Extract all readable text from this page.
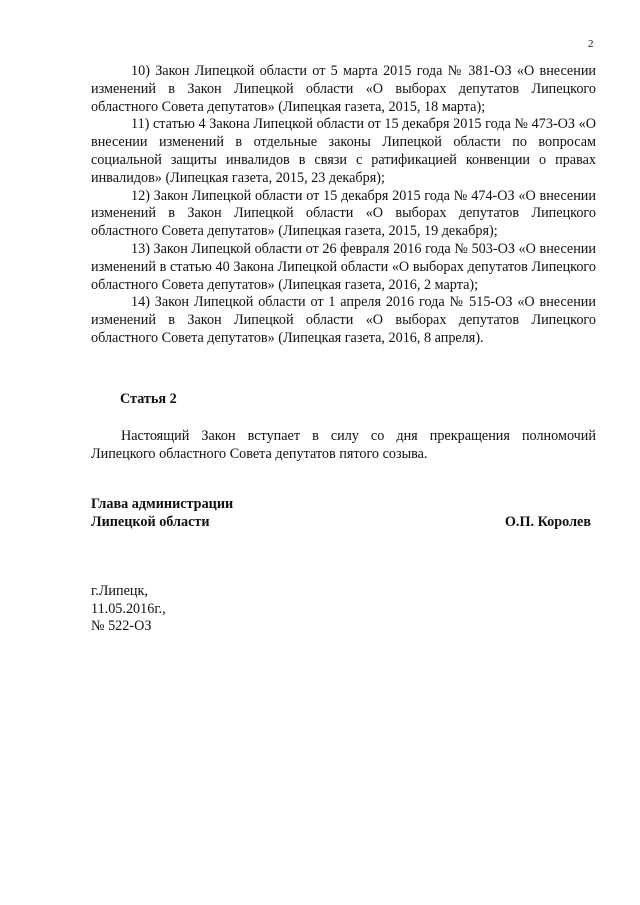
2

10) Закон Липецкой области от 5 марта 2015 года № 381-ОЗ «О внесении изменений в Закон Липецкой области «О выборах депутатов Липецкого областного Совета депутатов» (Липецкая газета, 2015, 18 марта);

11) статью 4 Закона Липецкой области от 15 декабря 2015 года № 473-ОЗ «О внесении изменений в отдельные законы Липецкой области по вопросам социальной защиты инвалидов в связи с ратификацией конвенции о правах инвалидов» (Липецкая газета, 2015, 23 декабря);

12) Закон Липецкой области от 15 декабря 2015 года № 474-ОЗ «О внесении изменений в Закон Липецкой области «О выборах депутатов Липецкого областного Совета депутатов» (Липецкая газета, 2015, 19 декабря);

13) Закон Липецкой области от 26 февраля 2016 года № 503-ОЗ «О внесении изменений в статью 40 Закона Липецкой области «О выборах депутатов Липецкого областного Совета депутатов» (Липецкая газета, 2016, 2 марта);

14) Закон Липецкой области от 1 апреля 2016 года № 515-ОЗ «О внесении изменений в Закон Липецкой области «О выборах депутатов Липецкого областного Совета депутатов» (Липецкая газета, 2016, 8 апреля).

Статья 2

Настоящий Закон вступает в силу со дня прекращения полномочий Липецкого областного Совета депутатов пятого созыва.

Глава администрации
Липецкой области	О.П. Королев
г.Липецк,
11.05.2016г.,
№ 522-ОЗ
